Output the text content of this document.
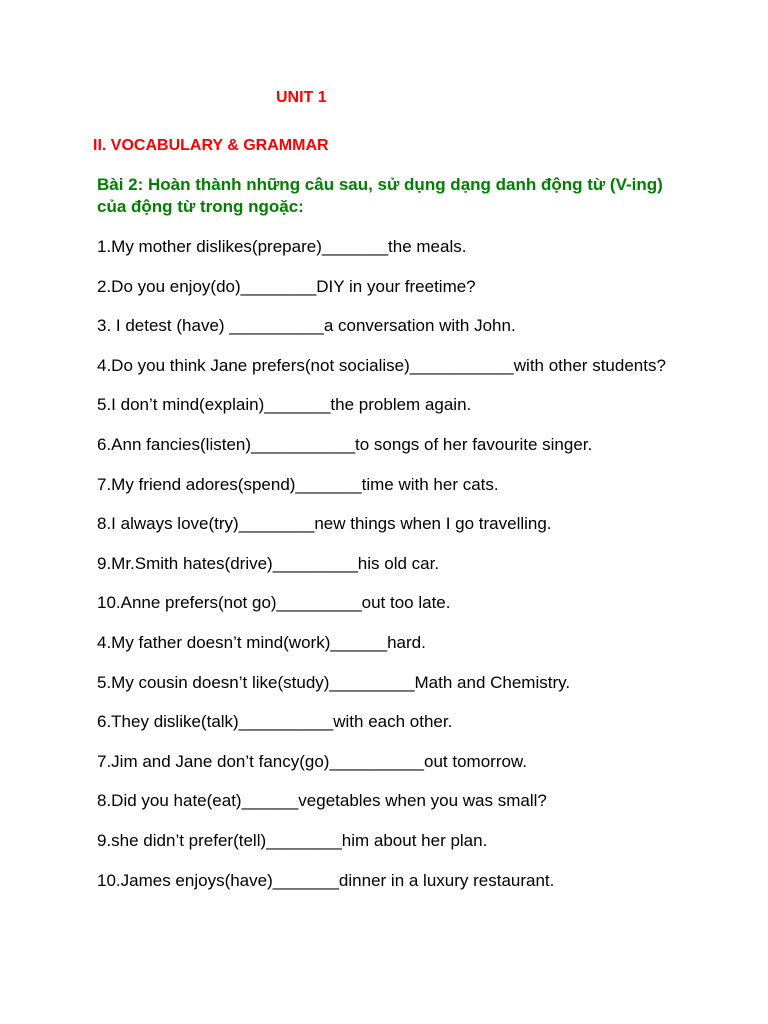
UNIT 1
II. VOCABULARY & GRAMMAR

Bài 2: Hoàn thành những câu sau, sử dụng dạng danh động từ (V-ing) của động từ trong ngoặc:

1.My mother dislikes(prepare)_______the meals.
2.Do you enjoy(do)________DIY in your freetime?
3. I detest (have) __________a conversation with John.
4.Do you think Jane prefers(not socialise)___________with other students?
5.I don’t mind(explain)_______the problem again.
6.Ann fancies(listen)___________to songs of her favourite singer.
7.My friend adores(spend)_______time with her cats.
8.I always love(try)________new things when I go travelling.
9.Mr.Smith hates(drive)_________his old car.
10.Anne prefers(not go)_________out too late.
4.My father doesn’t mind(work)______hard.
5.My cousin doesn’t like(study)_________Math and Chemistry.
6.They dislike(talk)__________with each other.
7.Jim and Jane don’t fancy(go)__________out tomorrow.
8.Did you hate(eat)______vegetables when you was small?
9.she didn’t prefer(tell)________him about her plan.
10.James enjoys(have)_______dinner in a luxury restaurant.
